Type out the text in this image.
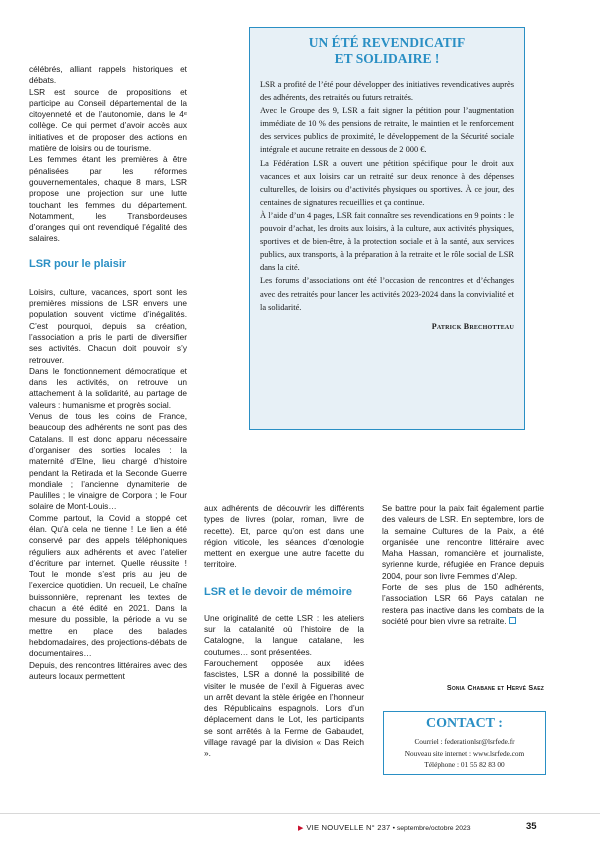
célébrés, alliant rappels historiques et débats.

LSR est source de propositions et participe au Conseil départemental de la citoyenneté et de l’autonomie, dans le 4ᵉ collège. Ce qui permet d’avoir accès aux initiatives et de proposer des actions en matière de loisirs ou de tourisme.

Les femmes étant les premières à être pénalisées par les réformes gouvernementales, chaque 8 mars, LSR propose une projection sur une lutte touchant les femmes du département. Notamment, les Transbordeuses d’oranges qui ont revendiqué l’égalité des salaires.

LSR pour le plaisir

Loisirs, culture, vacances, sport sont les premières missions de LSR envers une population souvent victime d’inégalités. C’est pourquoi, depuis sa création, l’association a pris le parti de diversifier ses activités. Chacun doit pouvoir s’y retrouver.

Dans le fonctionnement démocratique et dans les activités, on retrouve un attachement à la solidarité, au partage de valeurs : humanisme et progrès social.

Venus de tous les coins de France, beaucoup des adhérents ne sont pas des Catalans. Il est donc apparu nécessaire d’organiser des sorties locales : la maternité d’Elne, lieu chargé d’histoire pendant la Retirada et la Seconde Guerre mondiale ; l’ancienne dynamiterie de Paulilles ; le vinaigre de Corpora ; le Four solaire de Mont-Louis…

Comme partout, la Covid a stoppé cet élan. Qu’à cela ne tienne ! Le lien a été conservé par des appels téléphoniques réguliers aux adhérents et avec l’atelier d’écriture par internet. Quelle réussite ! Tout le monde s’est pris au jeu de l’exercice quotidien. Un recueil, Le chaîne buissonnière, reprenant les textes de chacun a été édité en 2021. Dans la mesure du possible, la période a vu se mettre en place des balades hebdomadaires, des projections-débats de documentaires…

Depuis, des rencontres littéraires avec des auteurs locaux permettent

UN ÉTÉ REVENDICATIF
ET SOLIDAIRE !

LSR a profité de l’été pour développer des initiatives revendicatives auprès des adhérents, des retraités ou futurs retraités.

Avec le Groupe des 9, LSR a fait signer la pétition pour l’augmentation immédiate de 10 % des pensions de retraite, le maintien et le renforcement des services publics de proximité, le développement de la Sécurité sociale intégrale et aucune retraite en dessous de 2 000 €.

La Fédération LSR a ouvert une pétition spécifique pour le droit aux vacances et aux loisirs car un retraité sur deux renonce à des dépenses culturelles, de loisirs ou d’activités physiques ou sportives. À ce jour, des centaines de signatures recueillies et ça continue.

À l’aide d’un 4 pages, LSR fait connaître ses revendications en 9 points : le pouvoir d’achat, les droits aux loisirs, à la culture, aux activités physiques, sportives et de bien-être, à la protection sociale et à la santé, aux services publics, aux transports, à la préparation à la retraite et le rôle social de LSR dans la cité.

Les forums d’associations ont été l’occasion de rencontres et d’échanges avec des retraités pour lancer les activités 2023-2024 dans la convivialité et la solidarité.

Patrick Brechotteau

aux adhérents de découvrir les différents types de livres (polar, roman, livre de recette). Et, parce qu’on est dans une région viticole, les séances d’œnologie mettent en exergue une autre facette du territoire.

LSR et le devoir de mémoire

Une originalité de cette LSR : les ateliers sur la catalanité où l’histoire de la Catalogne, la langue catalane, les coutumes… sont présentées.

Farouchement opposée aux idées fascistes, LSR a donné la possibilité de visiter le musée de l’exil à Figueras avec un arrêt devant la stèle érigée en l’honneur des Républicains espagnols. Lors d’un déplacement dans le Lot, les participants se sont arrêtés à la Ferme de Gabaudet, village ravagé par la division « Das Reich ».

Se battre pour la paix fait également partie des valeurs de LSR. En septembre, lors de la semaine Cultures de la Paix, a été organisée une rencontre littéraire avec Maha Hassan, romancière et journaliste, syrienne kurde, réfugiée en France depuis 2004, pour son livre Femmes d’Alep.

Forte de ses plus de 150 adhérents, l’association LSR 66 Pays catalan ne restera pas inactive dans les combats de la société pour bien vivre sa retraite.

Sonia Chabane et Hervé Saez
CONTACT :
Courriel : federationlsr@lsrfede.fr
Nouveau site internet : www.lsrfede.com
Téléphone : 01 55 82 83 00
▶ VIE NOUVELLE N° 237 • septembre/octobre 2023	35
